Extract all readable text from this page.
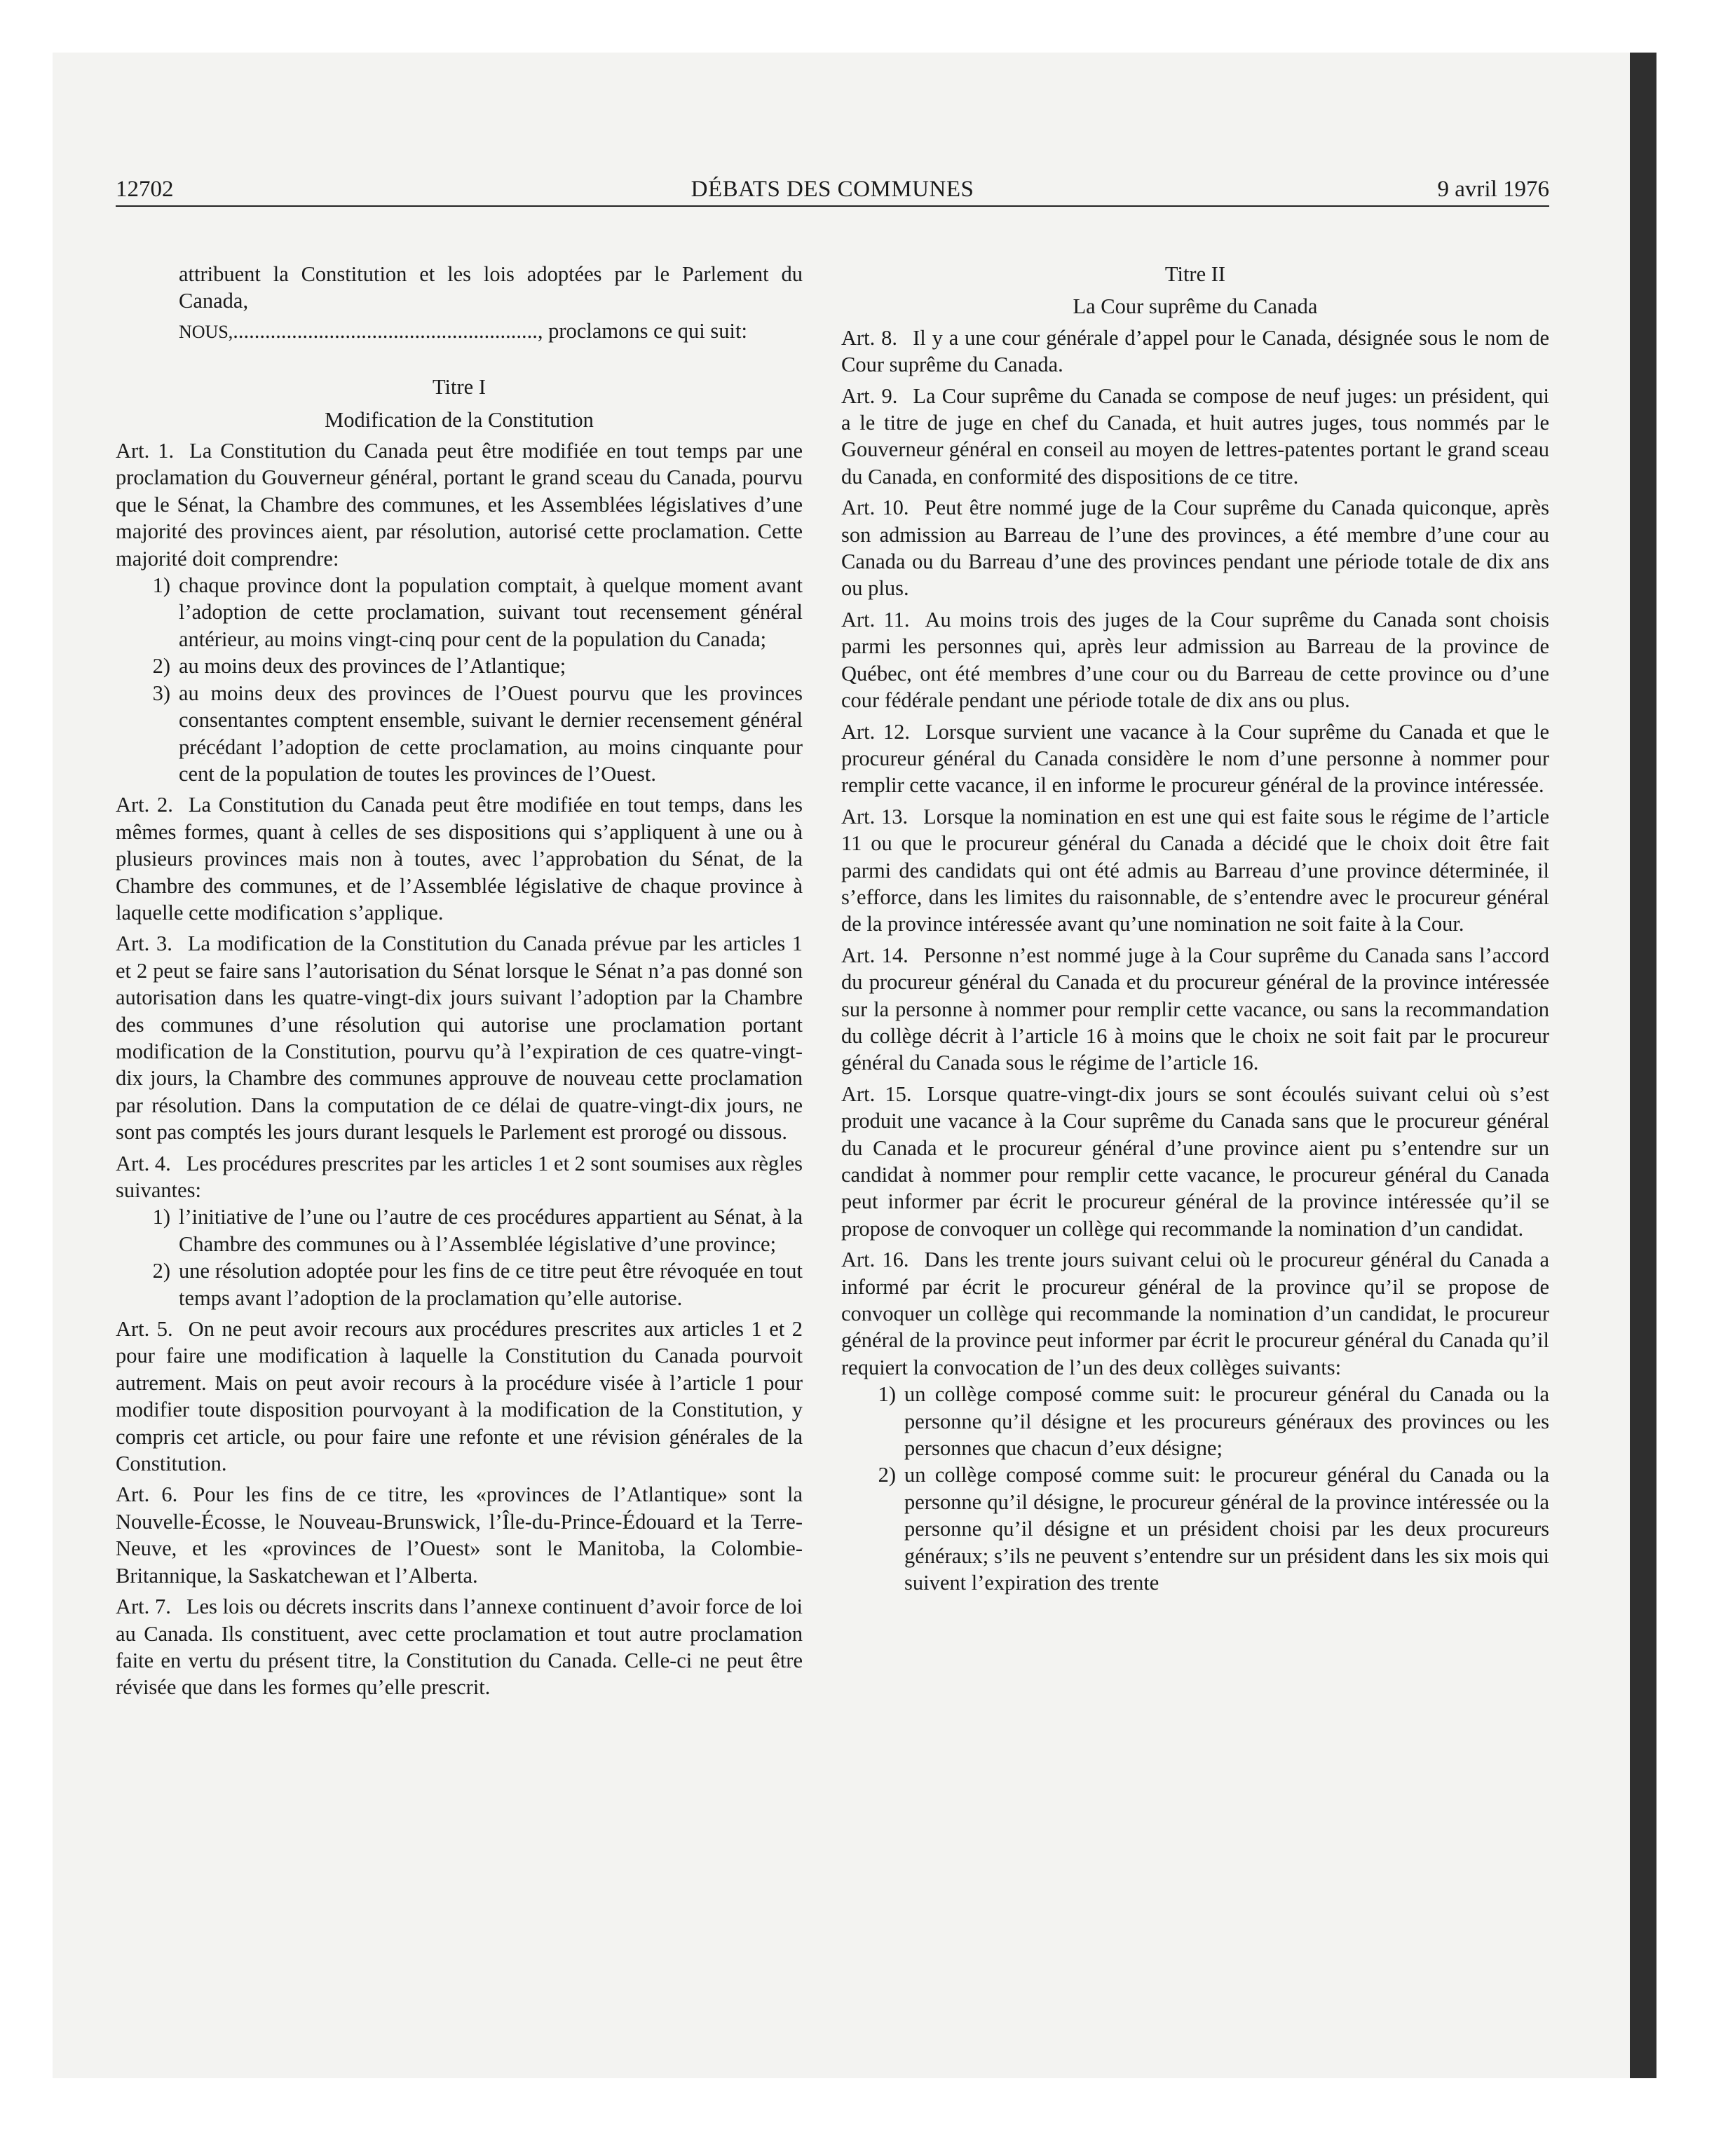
12702	DÉBATS DES COMMUNES	9 avril 1976

attribuent la Constitution et les lois adoptées par le Parlement du Canada,

NOUS,........................................................., proclamons ce qui suit:

Titre I

Modification de la Constitution

Art. 1. La Constitution du Canada peut être modifiée en tout temps par une proclamation du Gouverneur général, portant le grand sceau du Canada, pourvu que le Sénat, la Chambre des communes, et les Assemblées législatives d’une majorité des provinces aient, par résolution, autorisé cette proclamation. Cette majorité doit comprendre:

1) chaque province dont la population comptait, à quelque moment avant l’adoption de cette proclamation, suivant tout recensement général antérieur, au moins vingt-cinq pour cent de la population du Canada;
2) au moins deux des provinces de l’Atlantique;
3) au moins deux des provinces de l’Ouest pourvu que les provinces consentantes comptent ensemble, suivant le dernier recensement général précédant l’adoption de cette proclamation, au moins cinquante pour cent de la population de toutes les provinces de l’Ouest.

Art. 2. La Constitution du Canada peut être modifiée en tout temps, dans les mêmes formes, quant à celles de ses dispositions qui s’appliquent à une ou à plusieurs provinces mais non à toutes, avec l’approbation du Sénat, de la Chambre des communes, et de l’Assemblée législative de chaque province à laquelle cette modification s’applique.

Art. 3. La modification de la Constitution du Canada prévue par les articles 1 et 2 peut se faire sans l’autorisation du Sénat lorsque le Sénat n’a pas donné son autorisation dans les quatre-vingt-dix jours suivant l’adoption par la Chambre des communes d’une résolution qui autorise une proclamation portant modification de la Constitution, pourvu qu’à l’expiration de ces quatre-vingt-dix jours, la Chambre des communes approuve de nouveau cette proclamation par résolution. Dans la computation de ce délai de quatre-vingt-dix jours, ne sont pas comptés les jours durant lesquels le Parlement est prorogé ou dissous.

Art. 4. Les procédures prescrites par les articles 1 et 2 sont soumises aux règles suivantes:

1) l’initiative de l’une ou l’autre de ces procédures appartient au Sénat, à la Chambre des communes ou à l’Assemblée législative d’une province;
2) une résolution adoptée pour les fins de ce titre peut être révoquée en tout temps avant l’adoption de la proclamation qu’elle autorise.

Art. 5. On ne peut avoir recours aux procédures prescrites aux articles 1 et 2 pour faire une modification à laquelle la Constitution du Canada pourvoit autrement. Mais on peut avoir recours à la procédure visée à l’article 1 pour modifier toute disposition pourvoyant à la modification de la Constitution, y compris cet article, ou pour faire une refonte et une révision générales de la Constitution.

Art. 6. Pour les fins de ce titre, les «provinces de l’Atlantique» sont la Nouvelle-Écosse, le Nouveau-Brunswick, l’Île-du-Prince-Édouard et la Terre-Neuve, et les «provinces de l’Ouest» sont le Manitoba, la Colombie-Britannique, la Saskatchewan et l’Alberta.

Art. 7. Les lois ou décrets inscrits dans l’annexe continuent d’avoir force de loi au Canada. Ils constituent, avec cette proclamation et tout autre proclamation faite en vertu du présent titre, la Constitution du Canada. Celle-ci ne peut être révisée que dans les formes qu’elle prescrit.

Titre II

La Cour suprême du Canada

Art. 8. Il y a une cour générale d’appel pour le Canada, désignée sous le nom de Cour suprême du Canada.

Art. 9. La Cour suprême du Canada se compose de neuf juges: un président, qui a le titre de juge en chef du Canada, et huit autres juges, tous nommés par le Gouverneur général en conseil au moyen de lettres-patentes portant le grand sceau du Canada, en conformité des dispositions de ce titre.

Art. 10. Peut être nommé juge de la Cour suprême du Canada quiconque, après son admission au Barreau de l’une des provinces, a été membre d’une cour au Canada ou du Barreau d’une des provinces pendant une période totale de dix ans ou plus.

Art. 11. Au moins trois des juges de la Cour suprême du Canada sont choisis parmi les personnes qui, après leur admission au Barreau de la province de Québec, ont été membres d’une cour ou du Barreau de cette province ou d’une cour fédérale pendant une période totale de dix ans ou plus.

Art. 12. Lorsque survient une vacance à la Cour suprême du Canada et que le procureur général du Canada considère le nom d’une personne à nommer pour remplir cette vacance, il en informe le procureur général de la province intéressée.

Art. 13. Lorsque la nomination en est une qui est faite sous le régime de l’article 11 ou que le procureur général du Canada a décidé que le choix doit être fait parmi des candidats qui ont été admis au Barreau d’une province déterminée, il s’efforce, dans les limites du raisonnable, de s’entendre avec le procureur général de la province intéressée avant qu’une nomination ne soit faite à la Cour.

Art. 14. Personne n’est nommé juge à la Cour suprême du Canada sans l’accord du procureur général du Canada et du procureur général de la province intéressée sur la personne à nommer pour remplir cette vacance, ou sans la recommandation du collège décrit à l’article 16 à moins que le choix ne soit fait par le procureur général du Canada sous le régime de l’article 16.

Art. 15. Lorsque quatre-vingt-dix jours se sont écoulés suivant celui où s’est produit une vacance à la Cour suprême du Canada sans que le procureur général du Canada et le procureur général d’une province aient pu s’entendre sur un candidat à nommer pour remplir cette vacance, le procureur général du Canada peut informer par écrit le procureur général de la province intéressée qu’il se propose de convoquer un collège qui recommande la nomination d’un candidat.

Art. 16. Dans les trente jours suivant celui où le procureur général du Canada a informé par écrit le procureur général de la province qu’il se propose de convoquer un collège qui recommande la nomination d’un candidat, le procureur général de la province peut informer par écrit le procureur général du Canada qu’il requiert la convocation de l’un des deux collèges suivants:

1) un collège composé comme suit: le procureur général du Canada ou la personne qu’il désigne et les procureurs généraux des provinces ou les personnes que chacun d’eux désigne;
2) un collège composé comme suit: le procureur général du Canada ou la personne qu’il désigne, le procureur général de la province intéressée ou la personne qu’il désigne et un président choisi par les deux procureurs généraux; s’ils ne peuvent s’entendre sur un président dans les six mois qui suivent l’expiration des trente
